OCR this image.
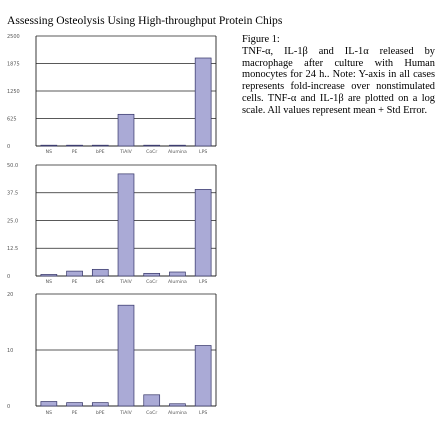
Assessing Osteolysis Using High-throughput Protein Chips
Figure 1:
TNF-α, IL-1β and IL-1α released by macrophage after culture with Human monocytes for 24 h.. Note: Y-axis in all cases represents fold-increase over nonstimulated cells. TNF-α and IL-1β are plotted on a log scale. All values represent mean + Std Error.
0
625
1250
1875
2500
NS	PE	bPE	TiAlV	CoCr Alumina	LPS
0
12.5
25.0
37.5
50.0
NS	PE	bPE	TiAlV	CoCr Alumina	LPS
0
10
20
NS	PE	bPE	TiAlV	CoCr Alumina	LPS
